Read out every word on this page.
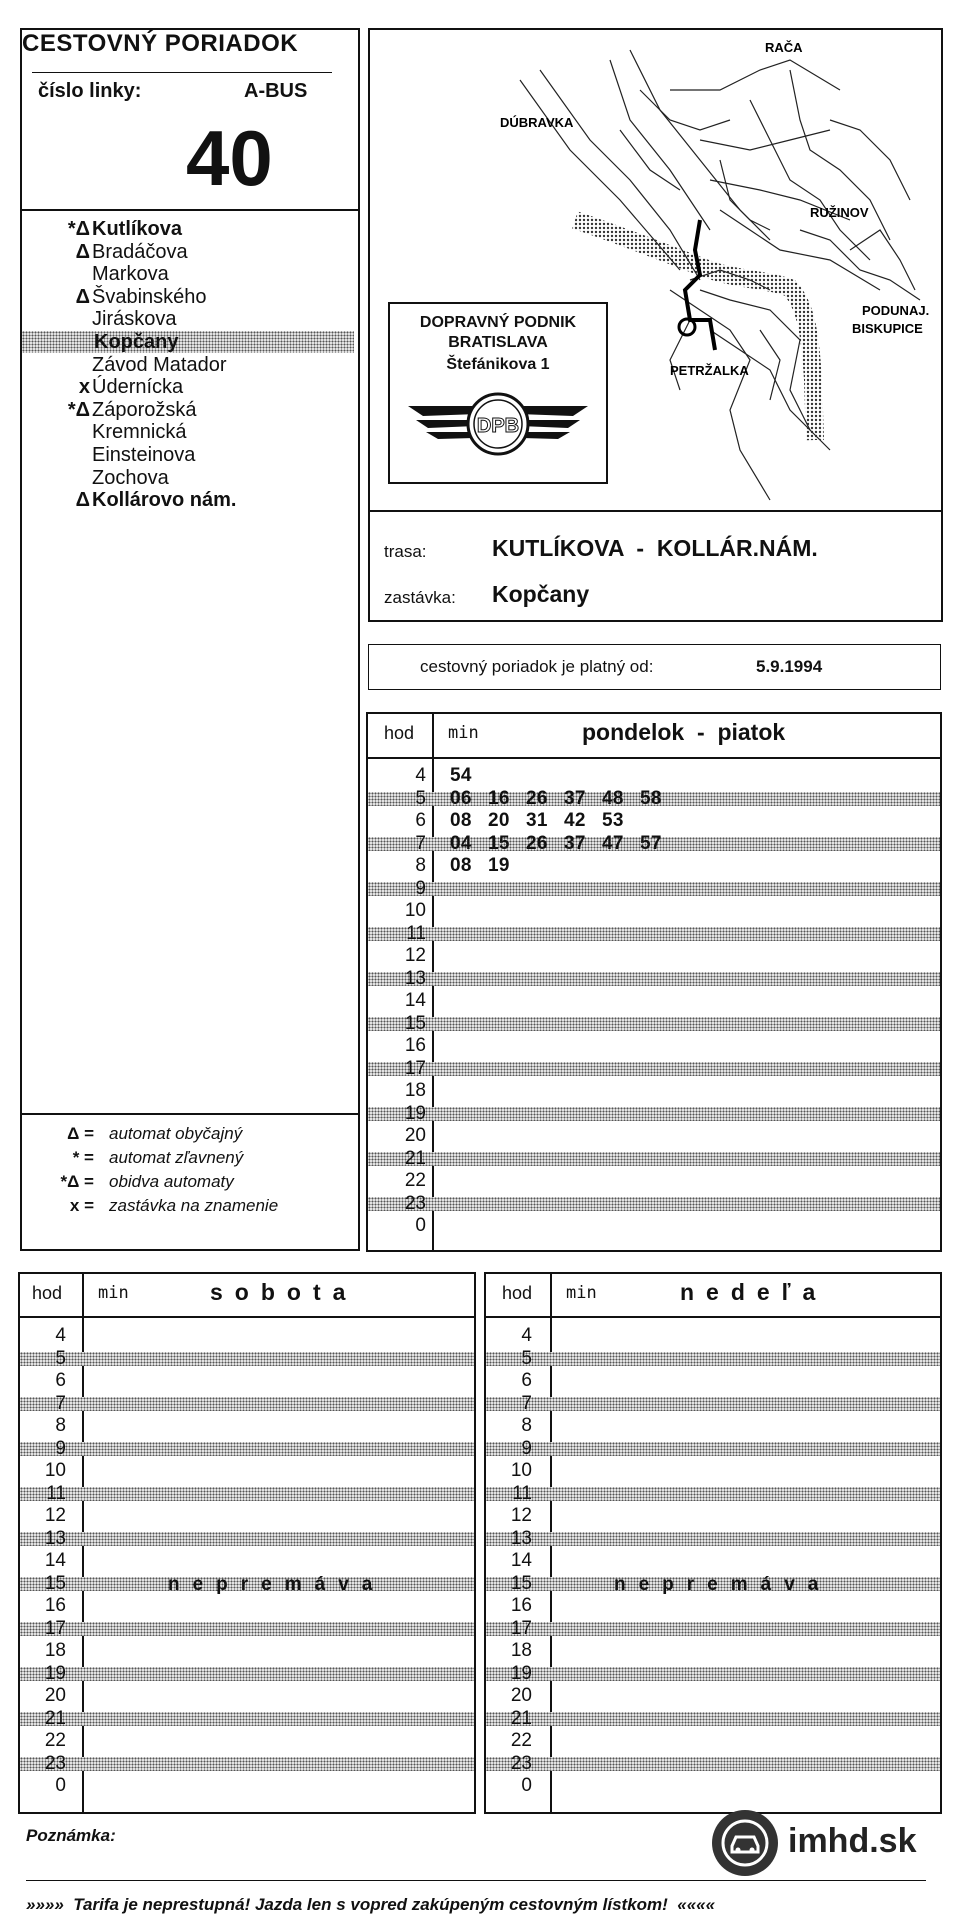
CESTOVNÝ PORIADOK
číslo linky:	A-BUS
40
*Δ Kutlíkova
Δ Bradáčova
Markova
Δ Švabinského
Jiráskova
Kopčany
Závod Matador
x Údernícka
*Δ Záporožská
Kremnická
Einsteinova
Zochova
Δ Kollárovo nám.
Δ = automat obyčajný
* = automat zľavnený
*Δ = obidva automaty
x = zastávka na znamenie
RAČA
DÚBRAVKA
RUŽINOV
PODUNAJ.
BISKUPICE
PETRŽALKA
DOPRAVNÝ PODNIK
BRATISLAVA
Štefánikova 1
DPB
trasa:	KUTLÍKOVA  -  KOLLÁR.NÁM.
zastávka: Kopčany
cestovný poriadok je platný od:	5.9.1994
hod min	pondelok  -  piatok
4 54
5 06 16 26 37 48 58
6 08 20 31 42 53
7 04 15 26 37 47 57
8 08 19
9
10
11
12
13
14
15
16
17
18
19
20
21
22
23
0
hod min	sobota
4
5
6
7
8
9
10
11
12
13
14
15
16
17
18
19
20
21
22
23
0
nepremáva
hod min	nedeľa
4
5
6
7
8
9
10
11
12
13
14
15
16
17
18
19
20
21
22
23
0
nepremáva
Poznámka:
»»»»  Tarifa je neprestupná! Jazda len s vopred zakúpeným cestovným lístkom!  ««««
imhd.sk
